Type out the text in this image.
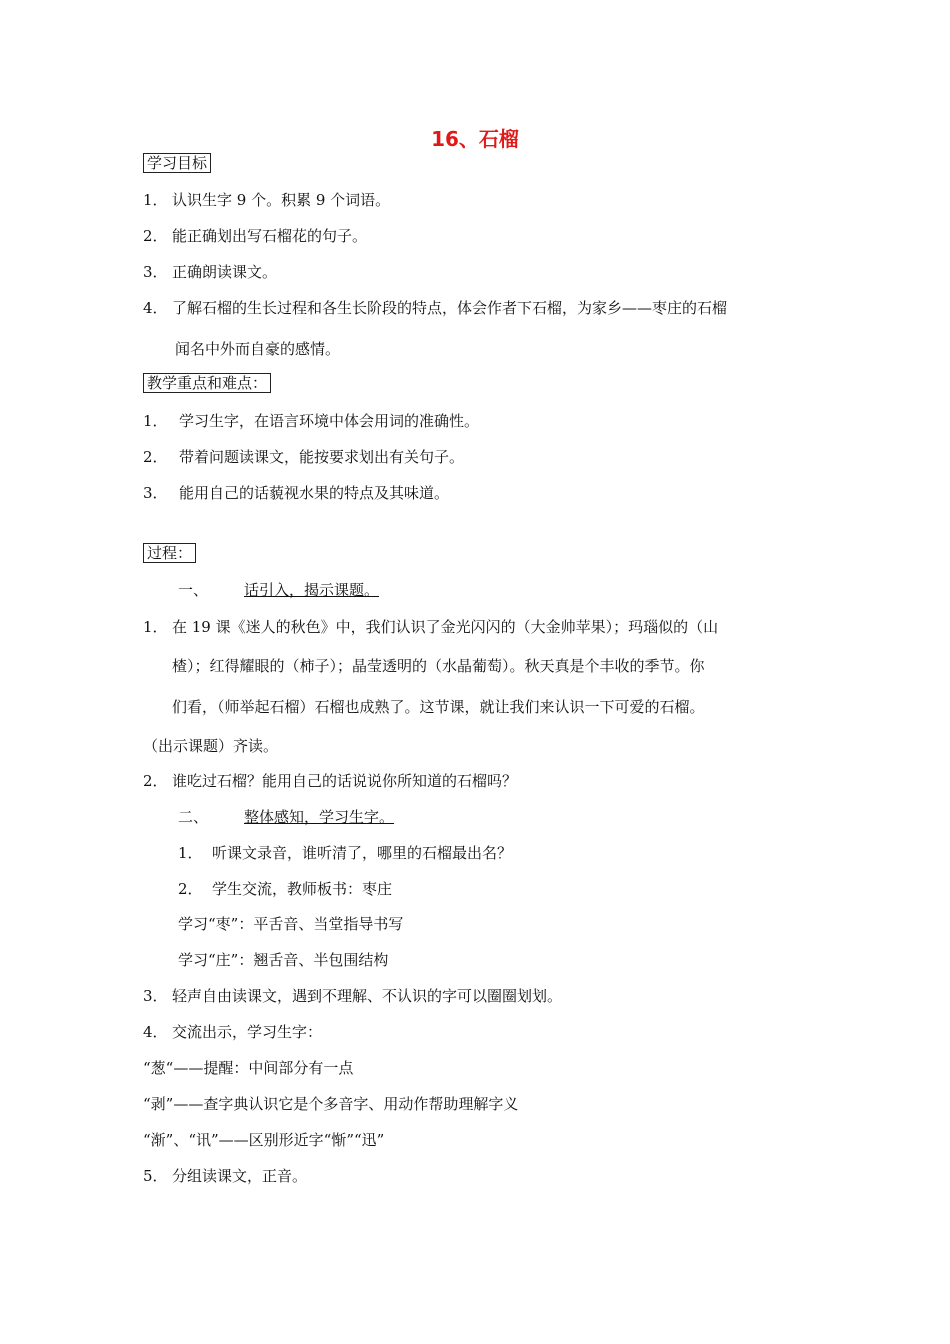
16、石榴
学习目标
1． 认识生字 9 个。积累 9 个词语。
2． 能正确划出写石榴花的句子。
3． 正确朗读课文。
4． 了解石榴的生长过程和各生长阶段的特点，体会作者下石榴，为家乡——枣庄的石榴
闻名中外而自豪的感情。
教学重点和难点：
1． 学习生字，在语言环境中体会用词的准确性。
2． 带着问题读课文，能按要求划出有关句子。
3． 能用自己的话藐视水果的特点及其味道。
过程：
一、 话引入，揭示课题。
1． 在 19 课《迷人的秋色》中，我们认识了金光闪闪的（大金帅苹果）；玛瑙似的（山
楂）；红得耀眼的（柿子）；晶莹透明的（水晶葡萄）。秋天真是个丰收的季节。你
们看，（师举起石榴）石榴也成熟了。这节课，就让我们来认识一下可爱的石榴。
（出示课题）齐读。
2． 谁吃过石榴？能用自己的话说说你所知道的石榴吗？
二、 整体感知，学习生字。
1． 听课文录音，谁听清了，哪里的石榴最出名？
2． 学生交流，教师板书：枣庄
学习“枣”：平舌音、当堂指导书写
学习“庄”：翘舌音、半包围结构
3． 轻声自由读课文，遇到不理解、不认识的字可以圈圈划划。
4． 交流出示，学习生字：
“葱“——提醒：中间部分有一点
“剥”——查字典认识它是个多音字、用动作帮助理解字义
“渐”、“讯”——区别形近字“惭”“迅”
5． 分组读课文，正音。
